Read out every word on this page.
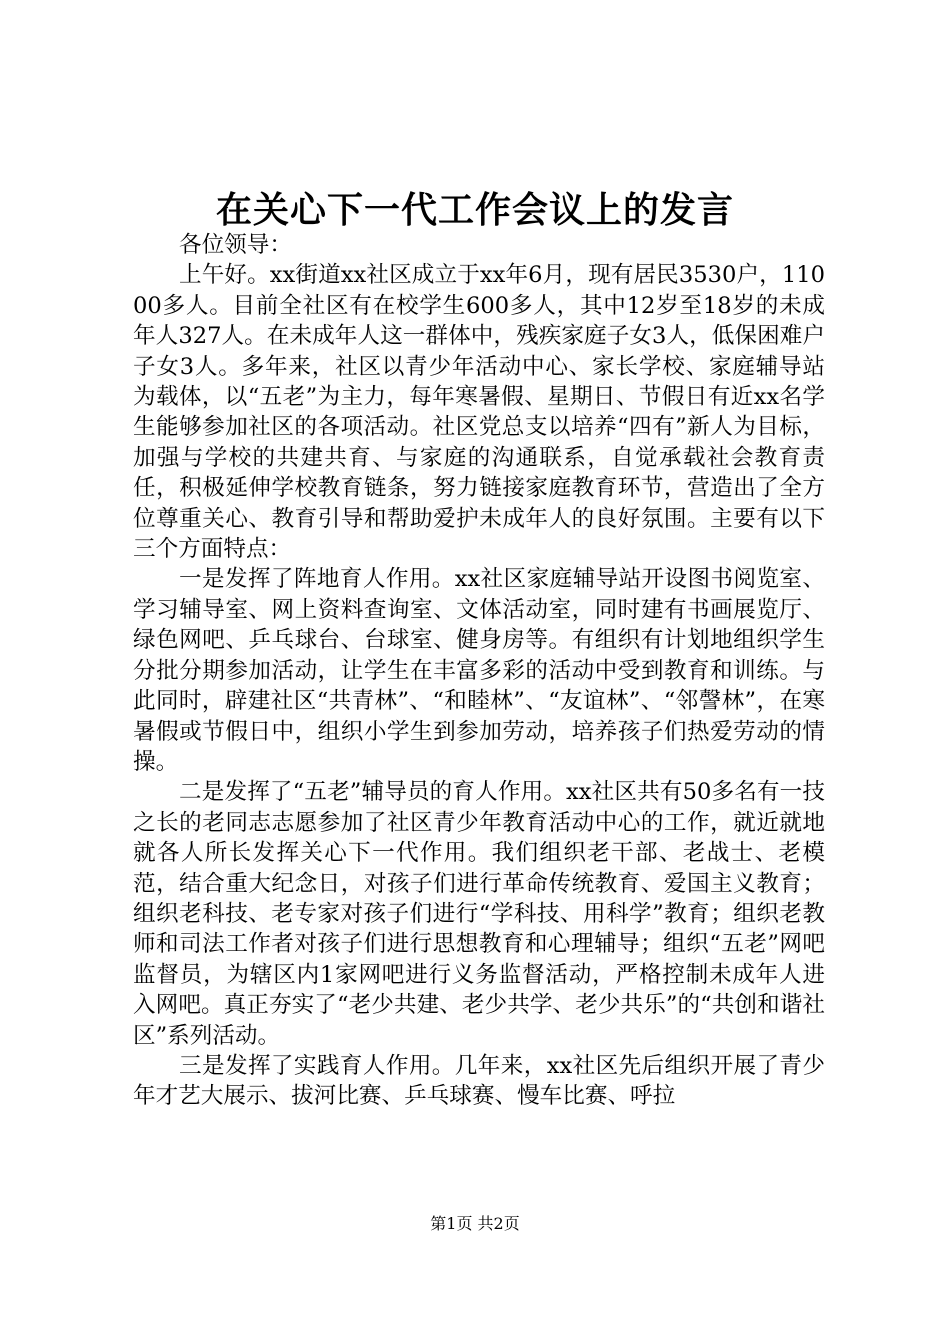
在关心下一代工作会议上的发言

各位领导：

上午好。xx街道xx社区成立于xx年6月，现有居民3530户，11000多人。目前全社区有在校学生600多人，其中12岁至18岁的未成年人327人。在未成年人这一群体中，残疾家庭子女3人，低保困难户子女3人。多年来，社区以青少年活动中心、家长学校、家庭辅导站为载体，以“五老”为主力，每年寒暑假、星期日、节假日有近xx名学生能够参加社区的各项活动。社区党总支以培养“四有”新人为目标，加强与学校的共建共育、与家庭的沟通联系，自觉承载社会教育责任，积极延伸学校教育链条，努力链接家庭教育环节，营造出了全方位尊重关心、教育引导和帮助爱护未成年人的良好氛围。主要有以下三个方面特点：

一是发挥了阵地育人作用。xx社区家庭辅导站开设图书阅览室、学习辅导室、网上资料查询室、文体活动室，同时建有书画展览厅、绿色网吧、乒乓球台、台球室、健身房等。有组织有计划地组织学生分批分期参加活动，让学生在丰富多彩的活动中受到教育和训练。与此同时，辟建社区“共青林”、“和睦林”、“友谊林”、“邻謦林”，在寒暑假或节假日中，组织小学生到参加劳动，培养孩子们热爱劳动的情操。

二是发挥了“五老”辅导员的育人作用。xx社区共有50多名有一技之长的老同志志愿参加了社区青少年教育活动中心的工作，就近就地就各人所长发挥关心下一代作用。我们组织老干部、老战士、老模范，结合重大纪念日，对孩子们进行革命传统教育、爱国主义教育；组织老科技、老专家对孩子们进行“学科技、用科学”教育；组织老教师和司法工作者对孩子们进行思想教育和心理辅导；组织“五老”网吧监督员，为辖区内1家网吧进行义务监督活动，严格控制未成年人进入网吧。真正夯实了“老少共建、老少共学、老少共乐”的“共创和谐社区”系列活动。

三是发挥了实践育人作用。几年来，xx社区先后组织开展了青少年才艺大展示、拔河比赛、乒乓球赛、慢车比赛、呼拉

第1页 共2页
